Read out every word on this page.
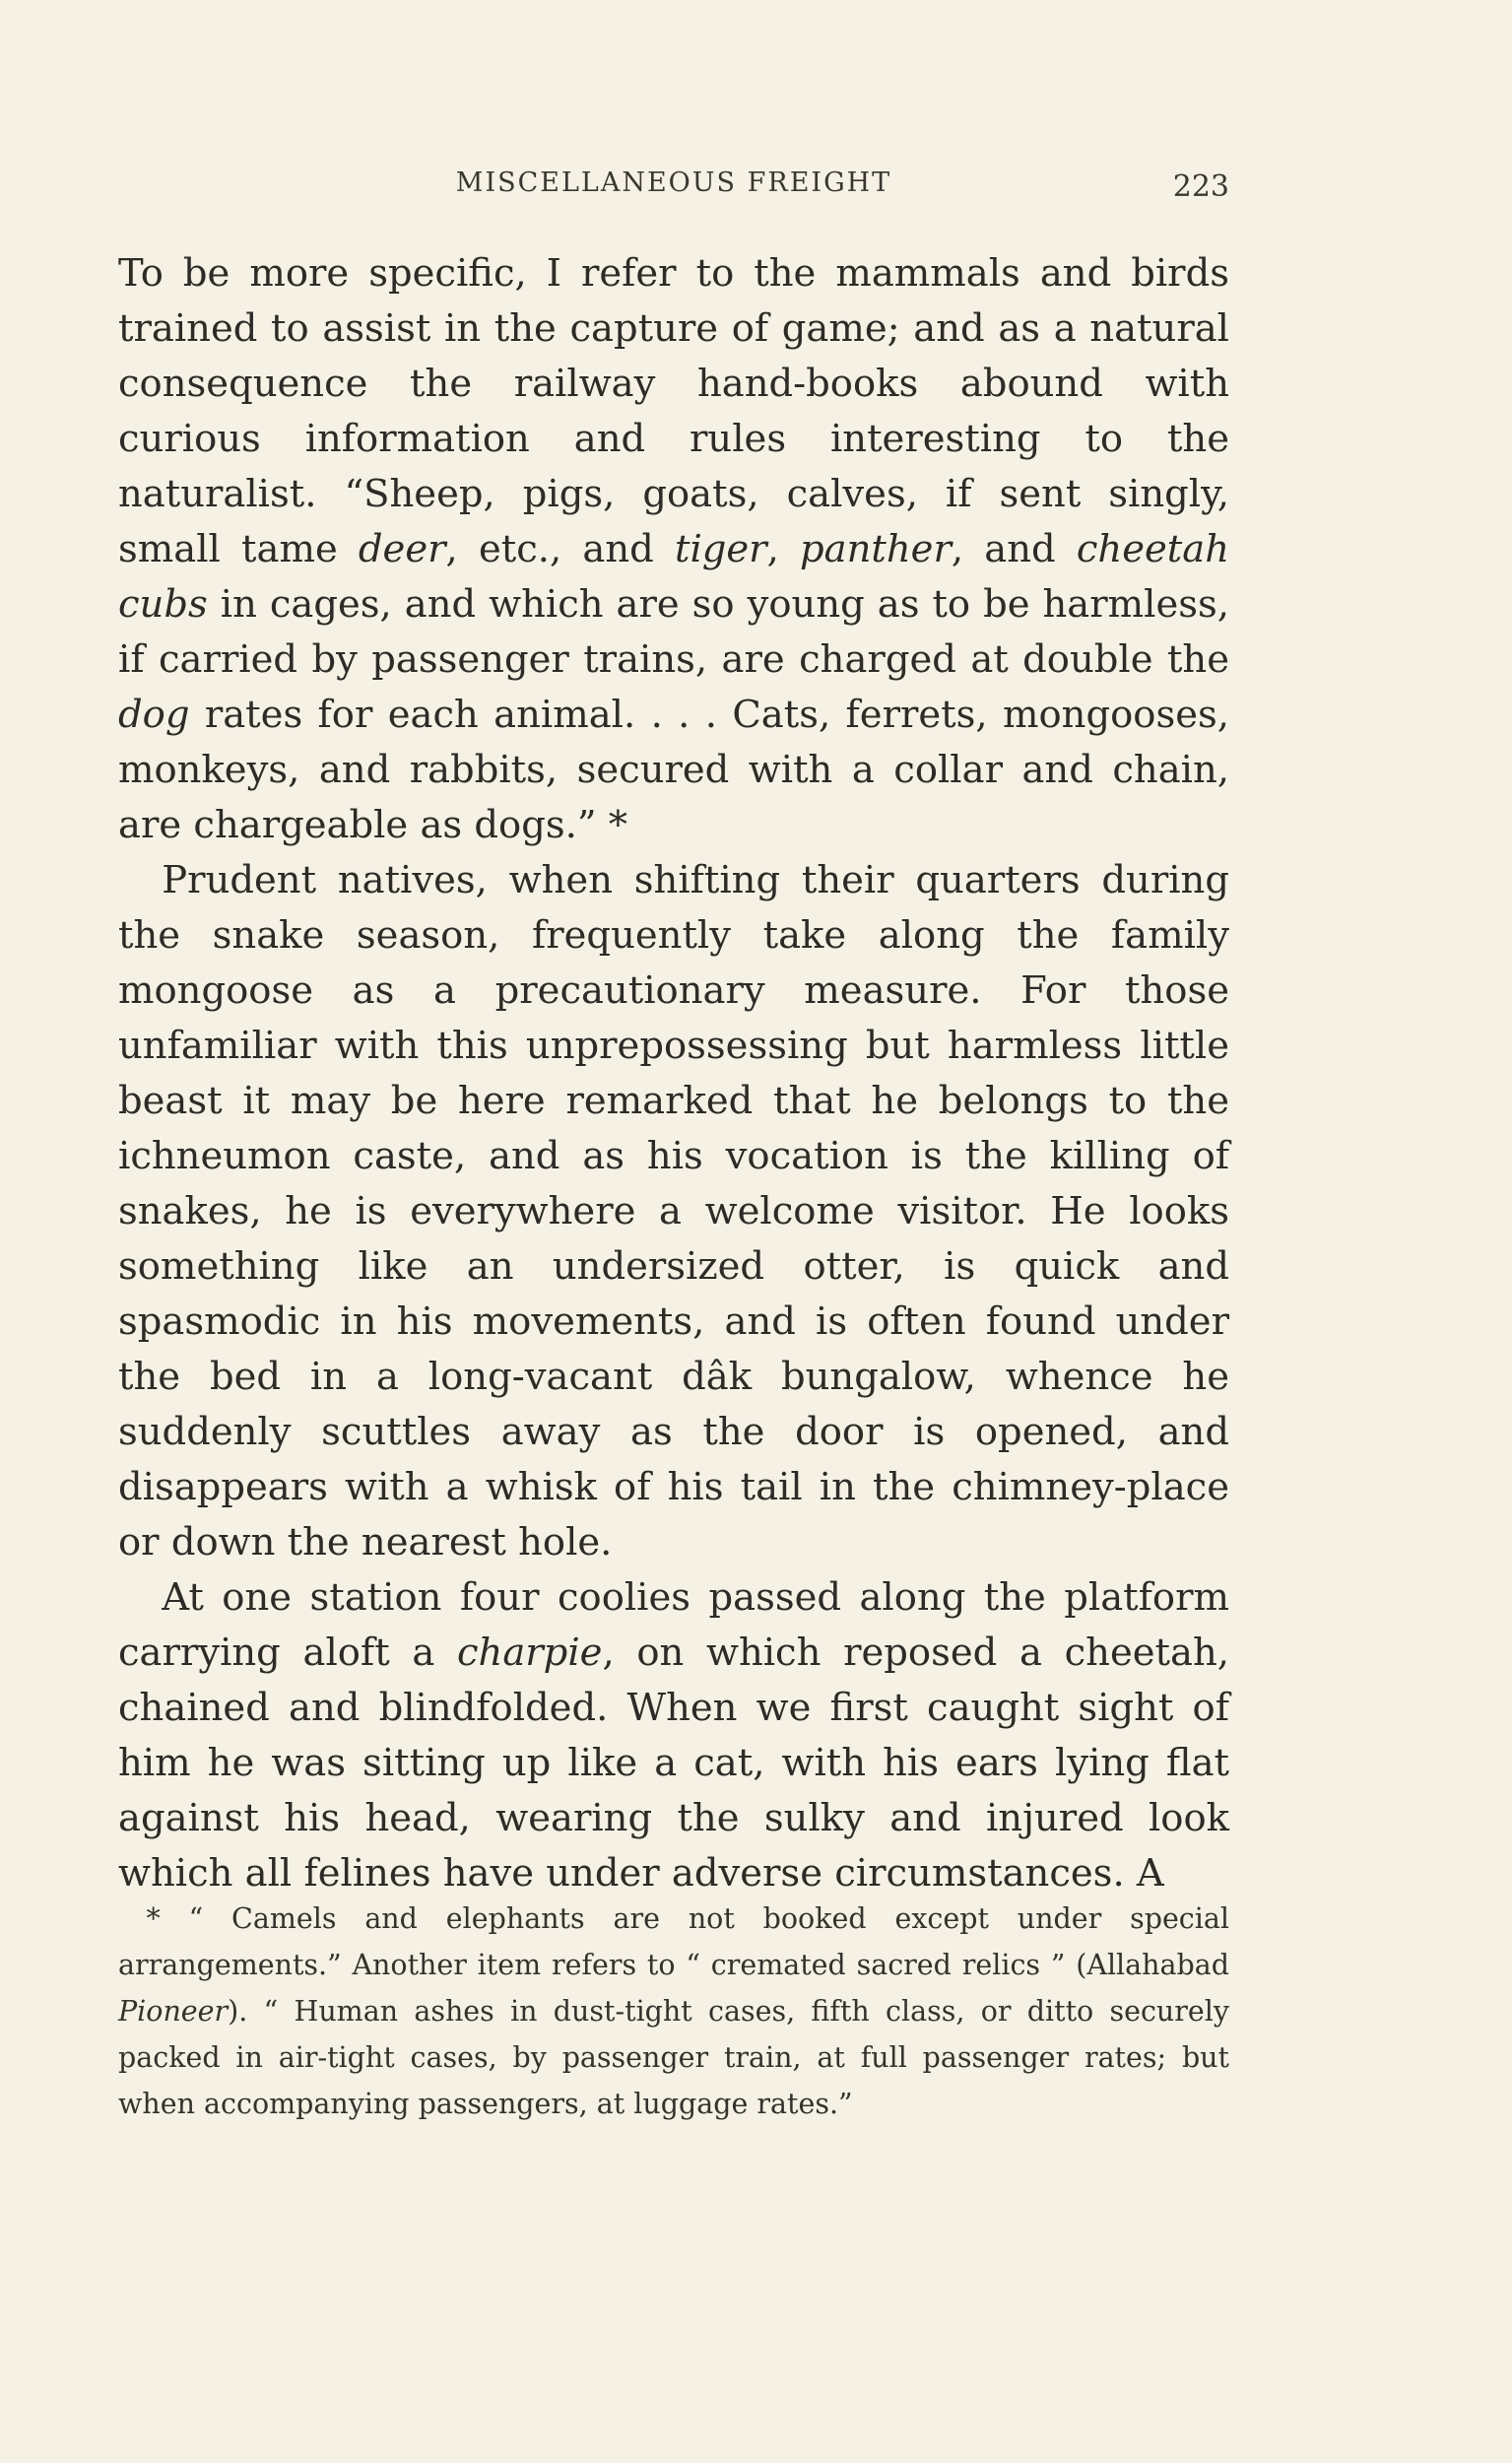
MISCELLANEOUS FREIGHT	223

To be more specific, I refer to the mammals and birds trained to assist in the capture of game; and as a natural consequence the railway hand-books abound with curious information and rules interesting to the naturalist. “Sheep, pigs, goats, calves, if sent singly, small tame deer, etc., and tiger, panther, and cheetah cubs in cages, and which are so young as to be harmless, if carried by passenger trains, are charged at double the dog rates for each animal. . . . Cats, ferrets, mongooses, monkeys, and rabbits, secured with a collar and chain, are chargeable as dogs.” *

Prudent natives, when shifting their quarters during the snake season, frequently take along the family mongoose as a precautionary measure. For those unfamiliar with this unprepossessing but harmless little beast it may be here remarked that he belongs to the ichneumon caste, and as his vocation is the killing of snakes, he is everywhere a welcome visitor. He looks something like an undersized otter, is quick and spasmodic in his movements, and is often found under the bed in a long-vacant dâk bungalow, whence he suddenly scuttles away as the door is opened, and disappears with a whisk of his tail in the chimney-place or down the nearest hole.

At one station four coolies passed along the platform carrying aloft a charpie, on which reposed a cheetah, chained and blindfolded. When we first caught sight of him he was sitting up like a cat, with his ears lying flat against his head, wearing the sulky and injured look which all felines have under adverse circumstances. A

* “ Camels and elephants are not booked except under special arrangements.” Another item refers to “ cremated sacred relics ” (Allahabad Pioneer). “ Human ashes in dust-tight cases, fifth class, or ditto securely packed in air-tight cases, by passenger train, at full passenger rates; but when accompanying passengers, at luggage rates.”
